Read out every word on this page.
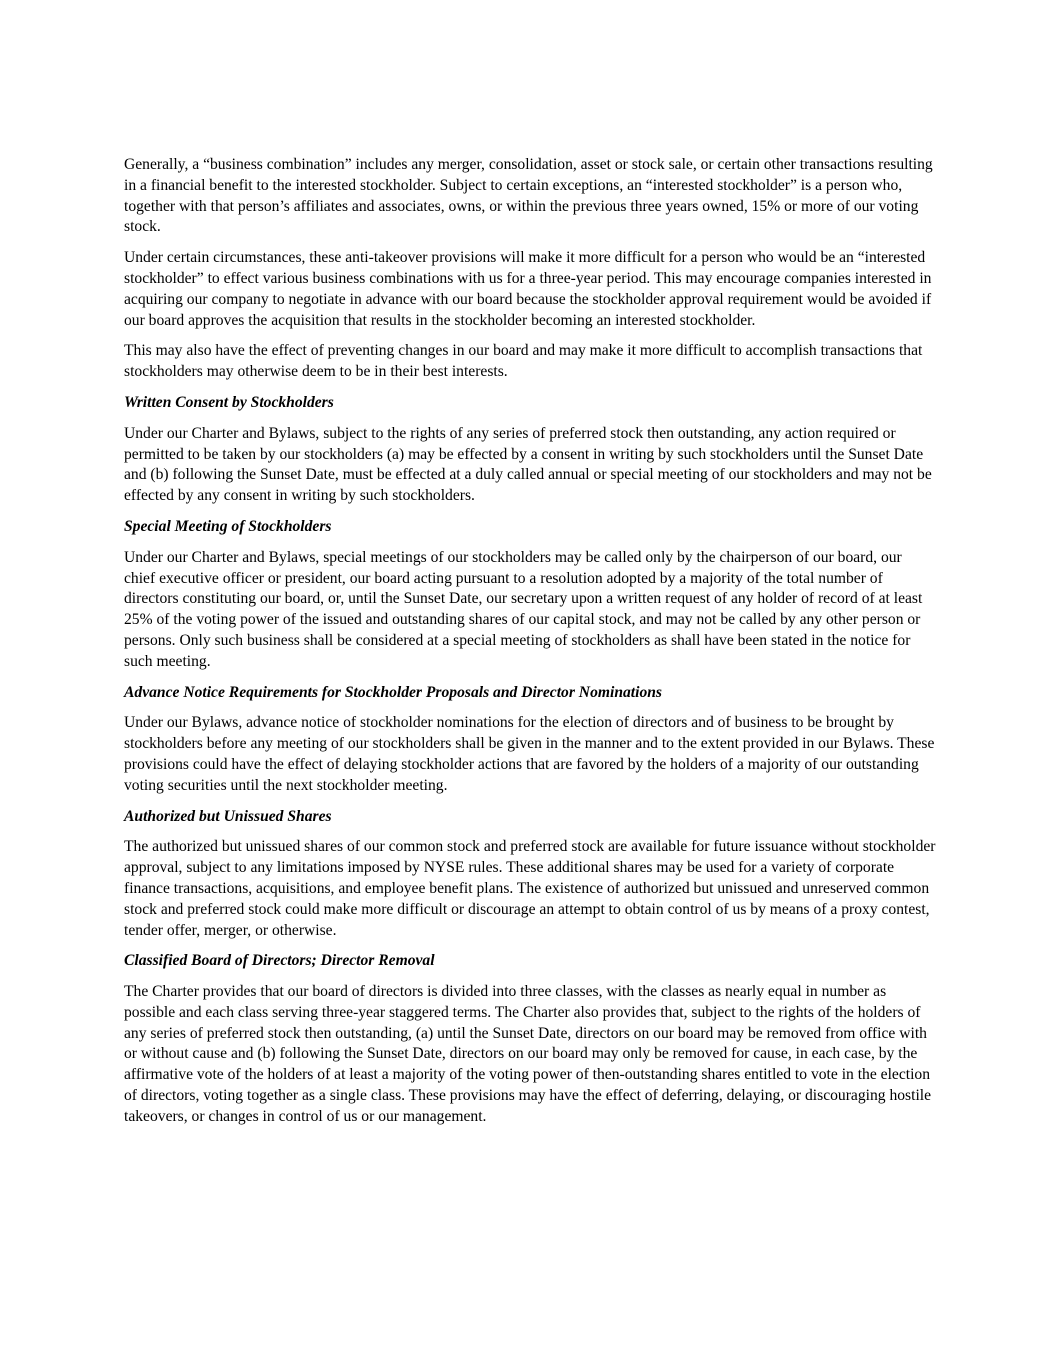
Generally, a “business combination” includes any merger, consolidation, asset or stock sale, or certain other transactions resulting in a financial benefit to the interested stockholder. Subject to certain exceptions, an “interested stockholder” is a person who, together with that person’s affiliates and associates, owns, or within the previous three years owned, 15% or more of our voting stock.

Under certain circumstances, these anti-takeover provisions will make it more difficult for a person who would be an “interested stockholder” to effect various business combinations with us for a three-year period. This may encourage companies interested in acquiring our company to negotiate in advance with our board because the stockholder approval requirement would be avoided if our board approves the acquisition that results in the stockholder becoming an interested stockholder.

This may also have the effect of preventing changes in our board and may make it more difficult to accomplish transactions that stockholders may otherwise deem to be in their best interests.

Written Consent by Stockholders

Under our Charter and Bylaws, subject to the rights of any series of preferred stock then outstanding, any action required or permitted to be taken by our stockholders (a) may be effected by a consent in writing by such stockholders until the Sunset Date and (b) following the Sunset Date, must be effected at a duly called annual or special meeting of our stockholders and may not be effected by any consent in writing by such stockholders.

Special Meeting of Stockholders

Under our Charter and Bylaws, special meetings of our stockholders may be called only by the chairperson of our board, our chief executive officer or president, our board acting pursuant to a resolution adopted by a majority of the total number of directors constituting our board, or, until the Sunset Date, our secretary upon a written request of any holder of record of at least 25% of the voting power of the issued and outstanding shares of our capital stock, and may not be called by any other person or persons. Only such business shall be considered at a special meeting of stockholders as shall have been stated in the notice for such meeting.

Advance Notice Requirements for Stockholder Proposals and Director Nominations

Under our Bylaws, advance notice of stockholder nominations for the election of directors and of business to be brought by stockholders before any meeting of our stockholders shall be given in the manner and to the extent provided in our Bylaws. These provisions could have the effect of delaying stockholder actions that are favored by the holders of a majority of our outstanding voting securities until the next stockholder meeting.

Authorized but Unissued Shares

The authorized but unissued shares of our common stock and preferred stock are available for future issuance without stockholder approval, subject to any limitations imposed by NYSE rules. These additional shares may be used for a variety of corporate finance transactions, acquisitions, and employee benefit plans. The existence of authorized but unissued and unreserved common stock and preferred stock could make more difficult or discourage an attempt to obtain control of us by means of a proxy contest, tender offer, merger, or otherwise.

Classified Board of Directors; Director Removal

The Charter provides that our board of directors is divided into three classes, with the classes as nearly equal in number as possible and each class serving three-year staggered terms. The Charter also provides that, subject to the rights of the holders of any series of preferred stock then outstanding, (a) until the Sunset Date, directors on our board may be removed from office with or without cause and (b) following the Sunset Date, directors on our board may only be removed for cause, in each case, by the affirmative vote of the holders of at least a majority of the voting power of then-outstanding shares entitled to vote in the election of directors, voting together as a single class. These provisions may have the effect of deferring, delaying, or discouraging hostile takeovers, or changes in control of us or our management.
